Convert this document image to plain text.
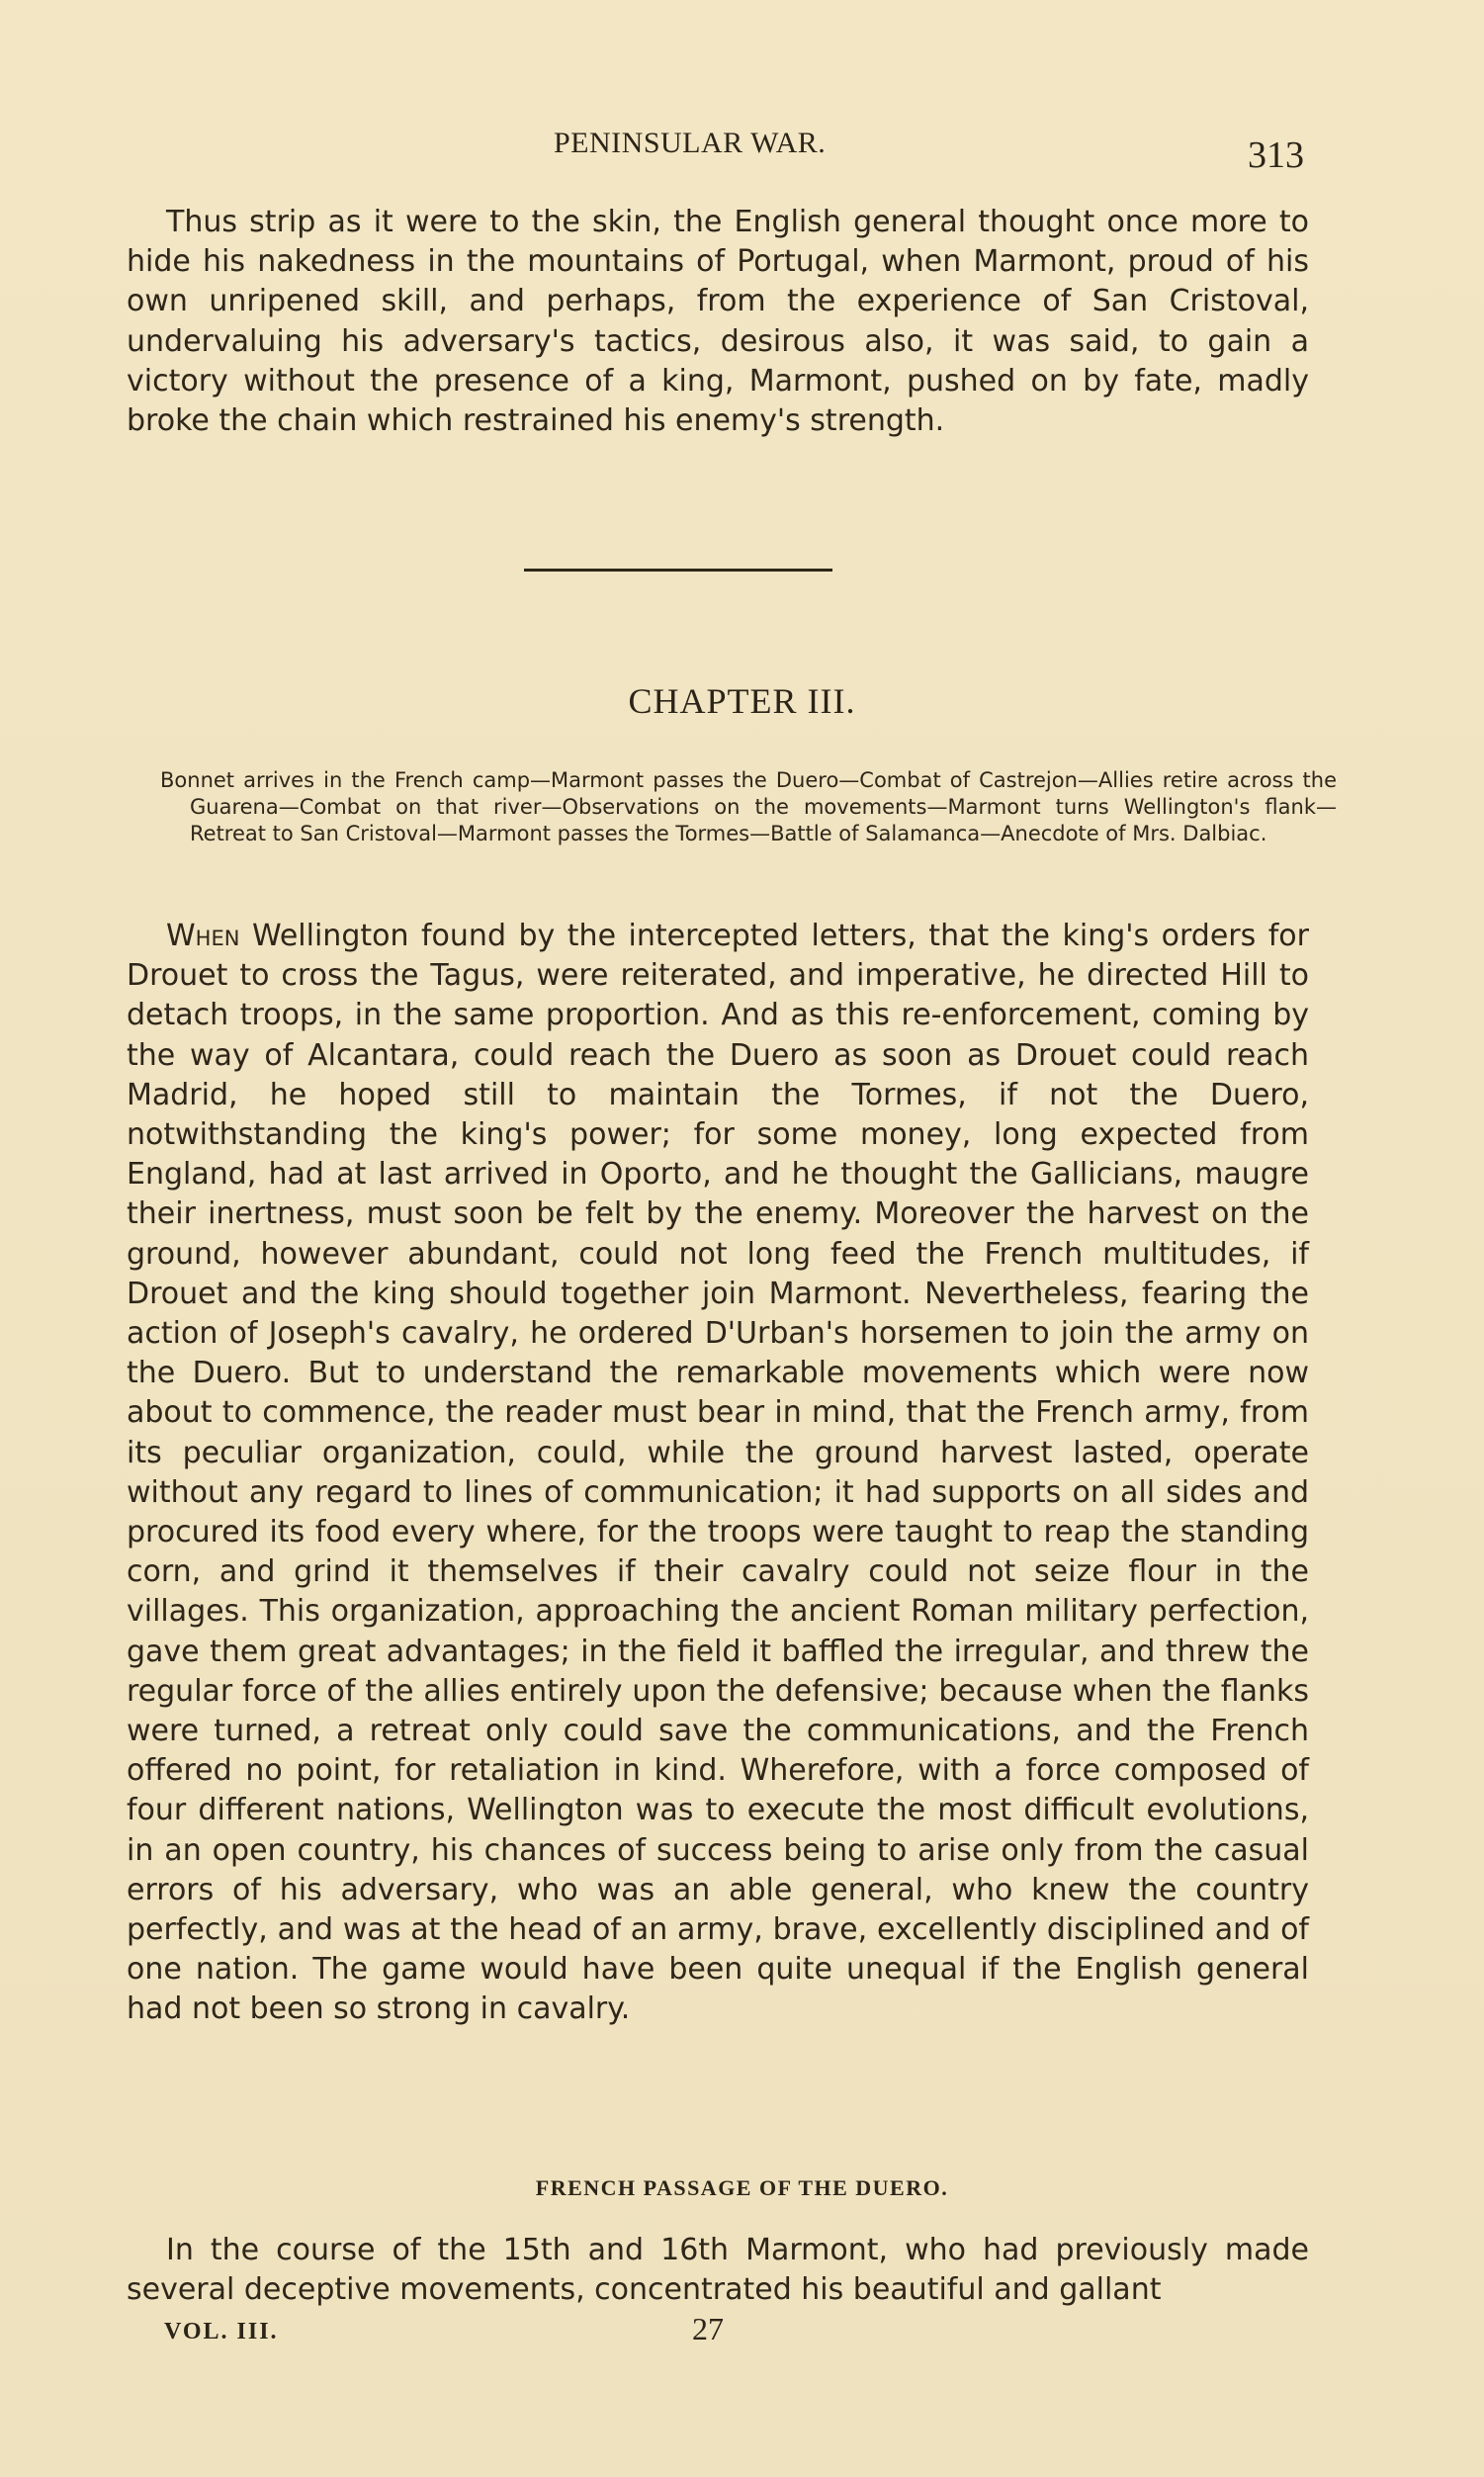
PENINSULAR WAR.	313

Thus strip as it were to the skin, the English general thought once more to hide his nakedness in the mountains of Portugal, when Marmont, proud of his own unripened skill, and perhaps, from the experience of San Cristoval, undervaluing his adversary's tactics, desirous also, it was said, to gain a victory without the presence of a king, Marmont, pushed on by fate, madly broke the chain which restrained his enemy's strength.

CHAPTER III.

Bonnet arrives in the French camp—Marmont passes the Duero—Combat of Castrejon—Allies retire across the Guarena—Combat on that river—Observations on the movements—Marmont turns Wellington's flank—Retreat to San Cristoval—Marmont passes the Tormes—Battle of Salamanca—Anecdote of Mrs. Dalbiac.

When Wellington found by the intercepted letters, that the king's orders for Drouet to cross the Tagus, were reiterated, and imperative, he directed Hill to detach troops, in the same proportion. And as this re-enforcement, coming by the way of Alcantara, could reach the Duero as soon as Drouet could reach Madrid, he hoped still to maintain the Tormes, if not the Duero, notwithstanding the king's power; for some money, long expected from England, had at last arrived in Oporto, and he thought the Gallicians, maugre their inertness, must soon be felt by the enemy. Moreover the harvest on the ground, however abundant, could not long feed the French multitudes, if Drouet and the king should together join Marmont. Nevertheless, fearing the action of Joseph's cavalry, he ordered D'Urban's horsemen to join the army on the Duero. But to understand the remarkable movements which were now about to commence, the reader must bear in mind, that the French army, from its peculiar organization, could, while the ground harvest lasted, operate without any regard to lines of communication; it had supports on all sides and procured its food every where, for the troops were taught to reap the standing corn, and grind it themselves if their cavalry could not seize flour in the villages. This organization, approaching the ancient Roman military perfection, gave them great advantages; in the field it baffled the irregular, and threw the regular force of the allies entirely upon the defensive; because when the flanks were turned, a retreat only could save the communications, and the French offered no point, for retaliation in kind. Wherefore, with a force composed of four different nations, Wellington was to execute the most difficult evolutions, in an open country, his chances of success being to arise only from the casual errors of his adversary, who was an able general, who knew the country perfectly, and was at the head of an army, brave, excellently disciplined and of one nation. The game would have been quite unequal if the English general had not been so strong in cavalry.

FRENCH PASSAGE OF THE DUERO.

In the course of the 15th and 16th Marmont, who had previously made several deceptive movements, concentrated his beautiful and gallant

VOL. III.	27
